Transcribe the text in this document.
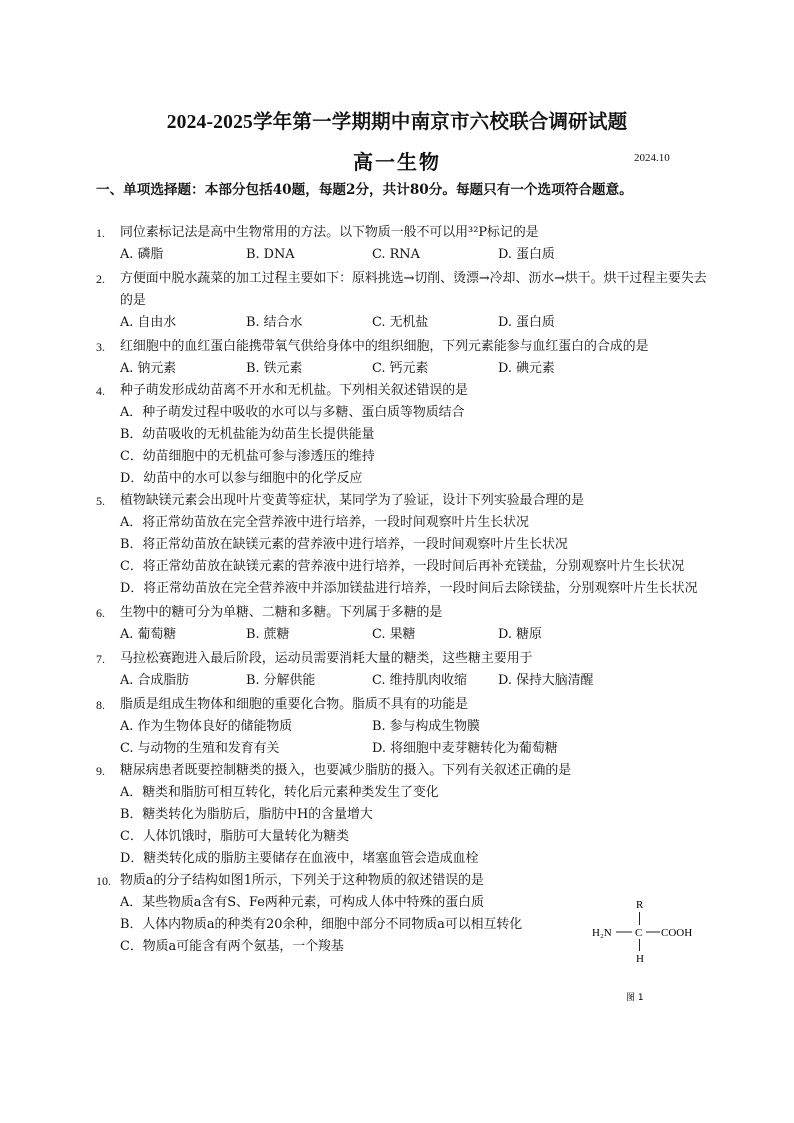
2024-2025学年第一学期期中南京市六校联合调研试题
高一生物	2024.10
一、单项选择题：本部分包括40题，每题2分，共计80分。每题只有一个选项符合题意。
1.	同位素标记法是高中生物常用的方法。以下物质一般不可以用³²P标记的是
A. 磷脂	B. DNA	C. RNA	D. 蛋白质
2.	方便面中脱水蔬菜的加工过程主要如下：原料挑选→切削、烫漂→冷却、沥水→烘干。烘干过程主要失去的是
A. 自由水	B. 结合水	C. 无机盐	D. 蛋白质
3.	红细胞中的血红蛋白能携带氧气供给身体中的组织细胞，下列元素能参与血红蛋白的合成的是
A. 钠元素	B. 铁元素	C. 钙元素	D. 碘元素
4.	种子萌发形成幼苗离不开水和无机盐。下列相关叙述错误的是
A．种子萌发过程中吸收的水可以与多糖、蛋白质等物质结合
B．幼苗吸收的无机盐能为幼苗生长提供能量
C．幼苗细胞中的无机盐可参与渗透压的维持
D．幼苗中的水可以参与细胞中的化学反应
5.	植物缺镁元素会出现叶片变黄等症状，某同学为了验证，设计下列实验最合理的是
A．将正常幼苗放在完全营养液中进行培养，一段时间观察叶片生长状况
B．将正常幼苗放在缺镁元素的营养液中进行培养，一段时间观察叶片生长状况
C．将正常幼苗放在缺镁元素的营养液中进行培养，一段时间后再补充镁盐，分别观察叶片生长状况
D．将正常幼苗放在完全营养液中并添加镁盐进行培养，一段时间后去除镁盐，分别观察叶片生长状况
6.	生物中的糖可分为单糖、二糖和多糖。下列属于多糖的是
A. 葡萄糖	B. 蔗糖	C. 果糖	D. 糖原
7.	马拉松赛跑进入最后阶段，运动员需要消耗大量的糖类，这些糖主要用于
A. 合成脂肪	B. 分解供能	C. 维持肌肉收缩	D. 保持大脑清醒
8.	脂质是组成生物体和细胞的重要化合物。脂质不具有的功能是
A. 作为生物体良好的储能物质	B. 参与构成生物膜
C. 与动物的生殖和发育有关	D. 将细胞中麦芽糖转化为葡萄糖
9.	糖尿病患者既要控制糖类的摄入，也要减少脂肪的摄入。下列有关叙述正确的是
A．糖类和脂肪可相互转化，转化后元素种类发生了变化
B．糖类转化为脂肪后，脂肪中H的含量增大
C．人体饥饿时，脂肪可大量转化为糖类
D．糖类转化成的脂肪主要储存在血液中，堵塞血管会造成血栓
10. 物质a的分子结构如图1所示，下列关于这种物质的叙述错误的是
A．某些物质a含有S、Fe两种元素，可构成人体中特殊的蛋白质
B．人体内物质a的种类有20余种，细胞中部分不同物质a可以相互转化
C．物质a可能含有两个氨基，一个羧基
R
H₂N C COOH
H
图 1
